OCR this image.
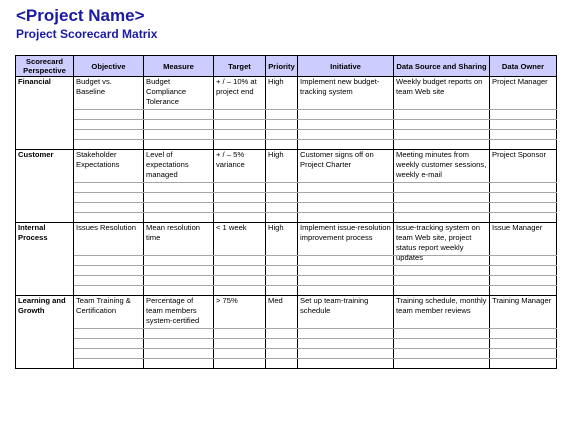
<Project Name>
Project Scorecard Matrix
Scorecard Perspective	Objective	Measure	Target	Priority	Initiative	Data Source and Sharing	Data Owner
Financial	Budget vs. Baseline	Budget Compliance Tolerance	+ / – 10% at project end	High	Implement new budget-tracking system	Weekly budget reports on team Web site	Project Manager

Customer	Stakeholder Expectations	Level of expectations managed	+ / – 5% variance	High	Customer signs off on Project Charter	Meeting minutes from weekly customer sessions, weekly e-mail	Project Sponsor

Internal Process	Issues Resolution	Mean resolution time	< 1 week	High	Implement issue-resolution improvement process	Issue-tracking system on team Web site, project status report weekly updates	Issue Manager

Learning and Growth	Team Training & Certification	Percentage of team members system-certified	> 75%	Med	Set up team-training schedule	Training schedule, monthly team member reviews	Training Manager
